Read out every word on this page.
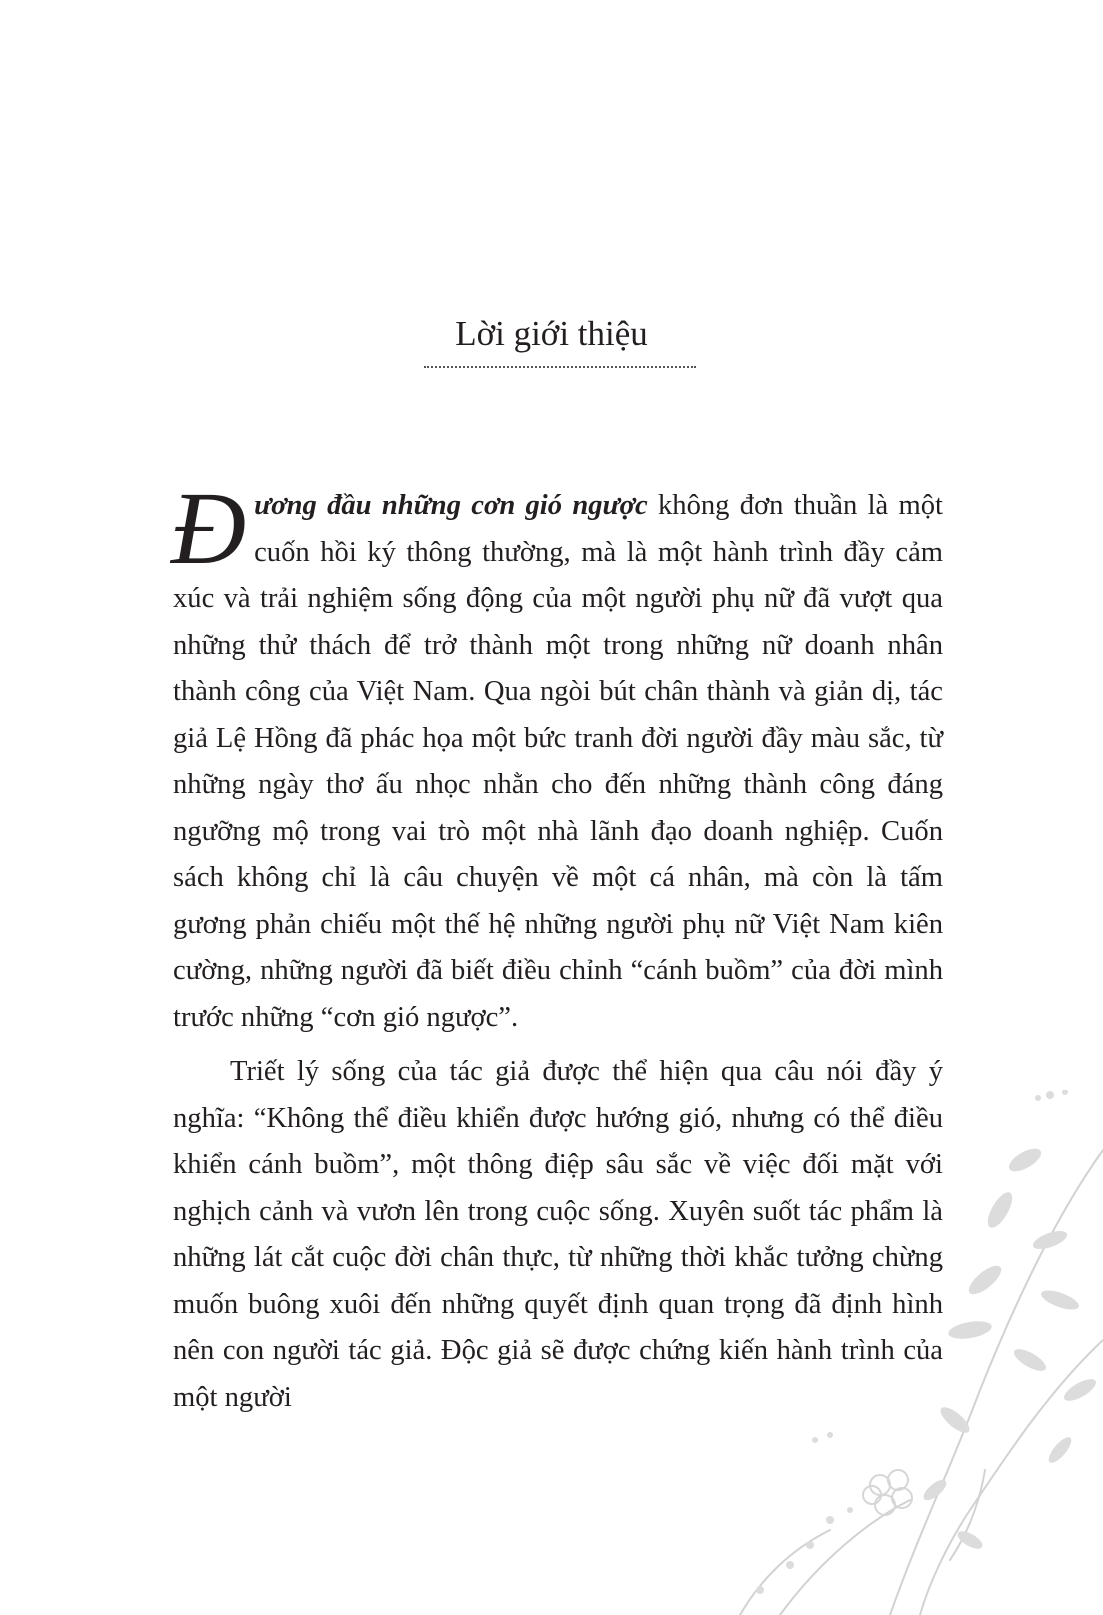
Lời giới thiệu

Đương đầu những cơn gió ngược không đơn thuần là một cuốn hồi ký thông thường, mà là một hành trình đầy cảm xúc và trải nghiệm sống động của một người phụ nữ đã vượt qua những thử thách để trở thành một trong những nữ doanh nhân thành công của Việt Nam. Qua ngòi bút chân thành và giản dị, tác giả Lệ Hồng đã phác họa một bức tranh đời người đầy màu sắc, từ những ngày thơ ấu nhọc nhằn cho đến những thành công đáng ngưỡng mộ trong vai trò một nhà lãnh đạo doanh nghiệp. Cuốn sách không chỉ là câu chuyện về một cá nhân, mà còn là tấm gương phản chiếu một thế hệ những người phụ nữ Việt Nam kiên cường, những người đã biết điều chỉnh “cánh buồm” của đời mình trước những “cơn gió ngược”.

Triết lý sống của tác giả được thể hiện qua câu nói đầy ý nghĩa: “Không thể điều khiển được hướng gió, nhưng có thể điều khiển cánh buồm”, một thông điệp sâu sắc về việc đối mặt với nghịch cảnh và vươn lên trong cuộc sống. Xuyên suốt tác phẩm là những lát cắt cuộc đời chân thực, từ những thời khắc tưởng chừng muốn buông xuôi đến những quyết định quan trọng đã định hình nên con người tác giả. Độc giả sẽ được chứng kiến hành trình của một người
